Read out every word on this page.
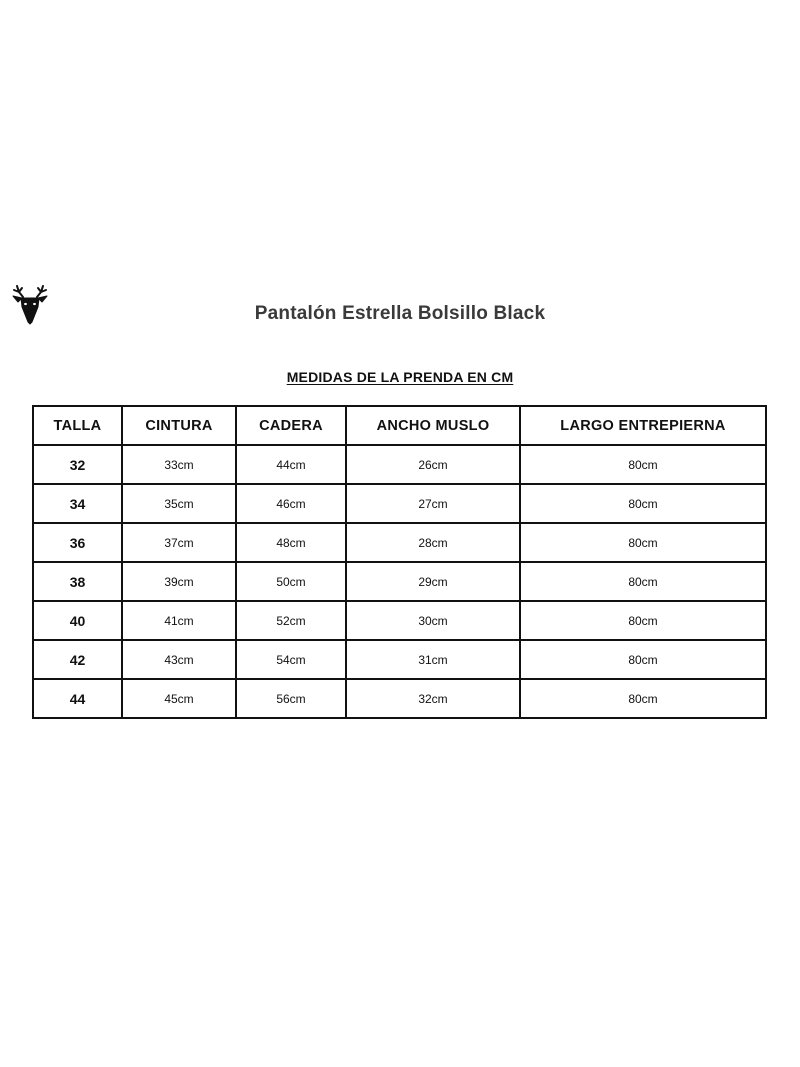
Pantalón Estrella Bolsillo Black
MEDIDAS DE LA PRENDA EN CM
TALLA	CINTURA	CADERA	ANCHO MUSLO	LARGO ENTREPIERNA
32	33cm	44cm	26cm	80cm
34	35cm	46cm	27cm	80cm
36	37cm	48cm	28cm	80cm
38	39cm	50cm	29cm	80cm
40	41cm	52cm	30cm	80cm
42	43cm	54cm	31cm	80cm
44	45cm	56cm	32cm	80cm
